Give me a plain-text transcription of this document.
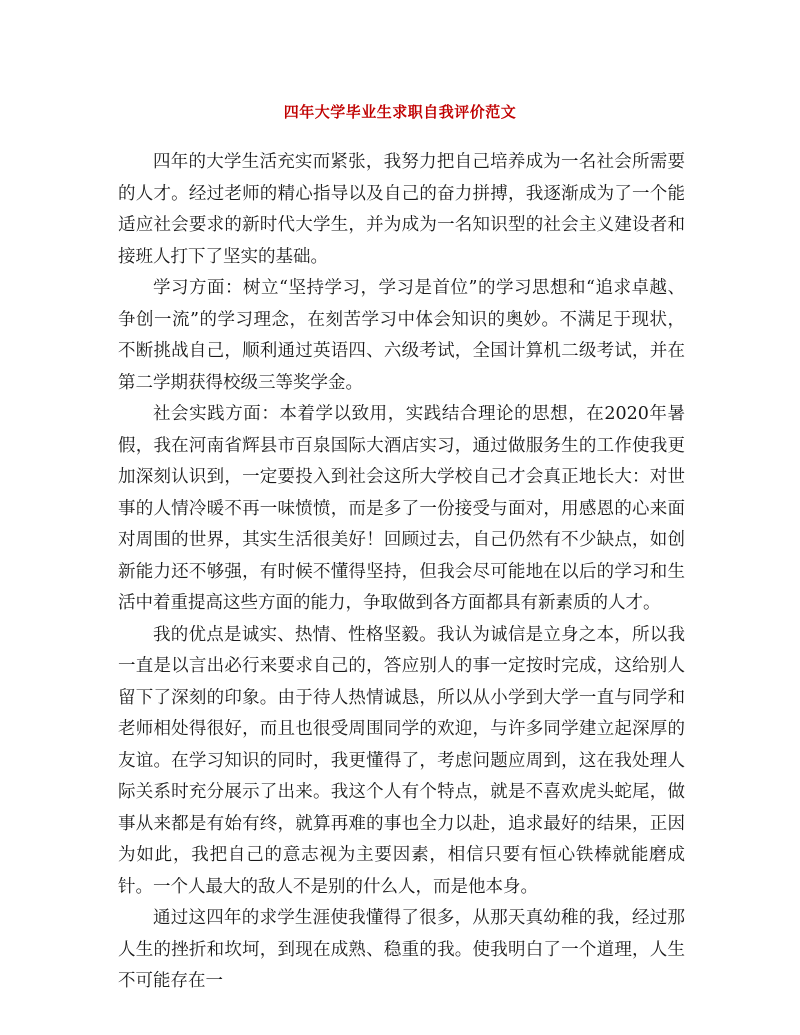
四年大学毕业生求职自我评价范文

四年的大学生活充实而紧张，我努力把自己培养成为一名社会所需要的人才。经过老师的精心指导以及自己的奋力拼搏，我逐渐成为了一个能适应社会要求的新时代大学生，并为成为一名知识型的社会主义建设者和接班人打下了坚实的基础。

学习方面：树立“坚持学习，学习是首位”的学习思想和“追求卓越、争创一流”的学习理念，在刻苦学习中体会知识的奥妙。不满足于现状，不断挑战自己，顺利通过英语四、六级考试，全国计算机二级考试，并在第二学期获得校级三等奖学金。

社会实践方面：本着学以致用，实践结合理论的思想，在2020年暑假，我在河南省辉县市百泉国际大酒店实习，通过做服务生的工作使我更加深刻认识到，一定要投入到社会这所大学校自己才会真正地长大：对世事的人情冷暖不再一味愤愤，而是多了一份接受与面对，用感恩的心来面对周围的世界，其实生活很美好！回顾过去，自己仍然有不少缺点，如创新能力还不够强，有时候不懂得坚持，但我会尽可能地在以后的学习和生活中着重提高这些方面的能力，争取做到各方面都具有新素质的人才。

我的优点是诚实、热情、性格坚毅。我认为诚信是立身之本，所以我一直是以言出必行来要求自己的，答应别人的事一定按时完成，这给别人留下了深刻的印象。由于待人热情诚恳，所以从小学到大学一直与同学和老师相处得很好，而且也很受周围同学的欢迎，与许多同学建立起深厚的友谊。在学习知识的同时，我更懂得了，考虑问题应周到，这在我处理人际关系时充分展示了出来。我这个人有个特点，就是不喜欢虎头蛇尾，做事从来都是有始有终，就算再难的事也全力以赴，追求最好的结果，正因为如此，我把自己的意志视为主要因素，相信只要有恒心铁棒就能磨成针。一个人最大的敌人不是别的什么人，而是他本身。

通过这四年的求学生涯使我懂得了很多，从那天真幼稚的我，经过那人生的挫折和坎坷，到现在成熟、稳重的我。使我明白了一个道理，人生不可能存在一
